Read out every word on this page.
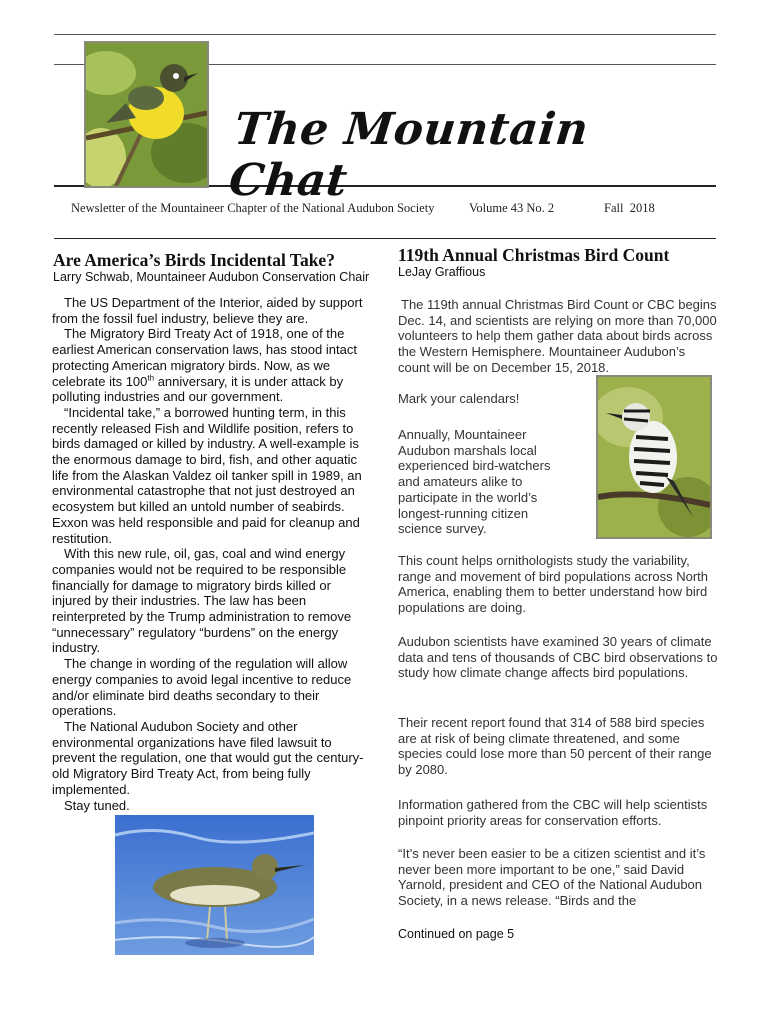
The Mountain Chat
Newsletter of the Mountaineer Chapter of the National Audubon Society	Volume 43 No. 2	Fall  2018
Are America’s Birds Incidental Take?
Larry Schwab, Mountaineer Audubon Conservation Chair

The US Department of the Interior, aided by support from the fossil fuel industry, believe they are.

The Migratory Bird Treaty Act of 1918, one of the earliest American conservation laws, has stood intact protecting American migratory birds. Now, as we celebrate its 100th anniversary, it is under attack by polluting industries and our government.

“Incidental take,” a borrowed hunting term, in this recently released Fish and Wildlife position, refers to birds damaged or killed by industry. A well-example is the enormous damage to bird, fish, and other aquatic life from the Alaskan Valdez oil tanker spill in 1989, an environmental catastrophe that not just destroyed an ecosystem but killed an untold number of seabirds. Exxon was held responsible and paid for cleanup and restitution.

With this new rule, oil, gas, coal and wind energy companies would not be required to be responsible financially for damage to migratory birds killed or injured by their industries. The law has been reinterpreted by the Trump administration to remove “unnecessary” regulatory “burdens” on the energy industry.

The change in wording of the regulation will allow energy companies to avoid legal incentive to reduce and/or eliminate bird deaths secondary to their operations.

The National Audubon Society and other environmental organizations have filed lawsuit to prevent the regulation, one that would gut the century-old Migratory Bird Treaty Act, from being fully implemented.

Stay tuned.

119th Annual Christmas Bird Count
LeJay Graffious

The 119th annual Christmas Bird Count or CBC begins Dec. 14, and scientists are relying on more than 70,000 volunteers to help them gather data about birds across the Western Hemisphere. Mountaineer Audubon’s count will be on December 15, 2018.

Mark your calendars!

Annually, Mountaineer Audubon marshals local experienced bird-watchers and amateurs alike to participate in the world’s longest-running citizen science survey.

This count helps ornithologists study the variability, range and movement of bird populations across North America, enabling them to better understand how bird populations are doing.

Audubon scientists have examined 30 years of climate data and tens of thousands of CBC bird observations to study how climate change affects bird populations.

Their recent report found that 314 of 588 bird species are at risk of being climate threatened, and some species could lose more than 50 percent of their range by 2080.

Information gathered from the CBC will help scientists pinpoint priority areas for conservation efforts.

“It’s never been easier to be a citizen scientist and it’s never been more important to be one,” said David Yarnold, president and CEO of the National Audubon Society, in a news release. “Birds and the

Continued on page 5
